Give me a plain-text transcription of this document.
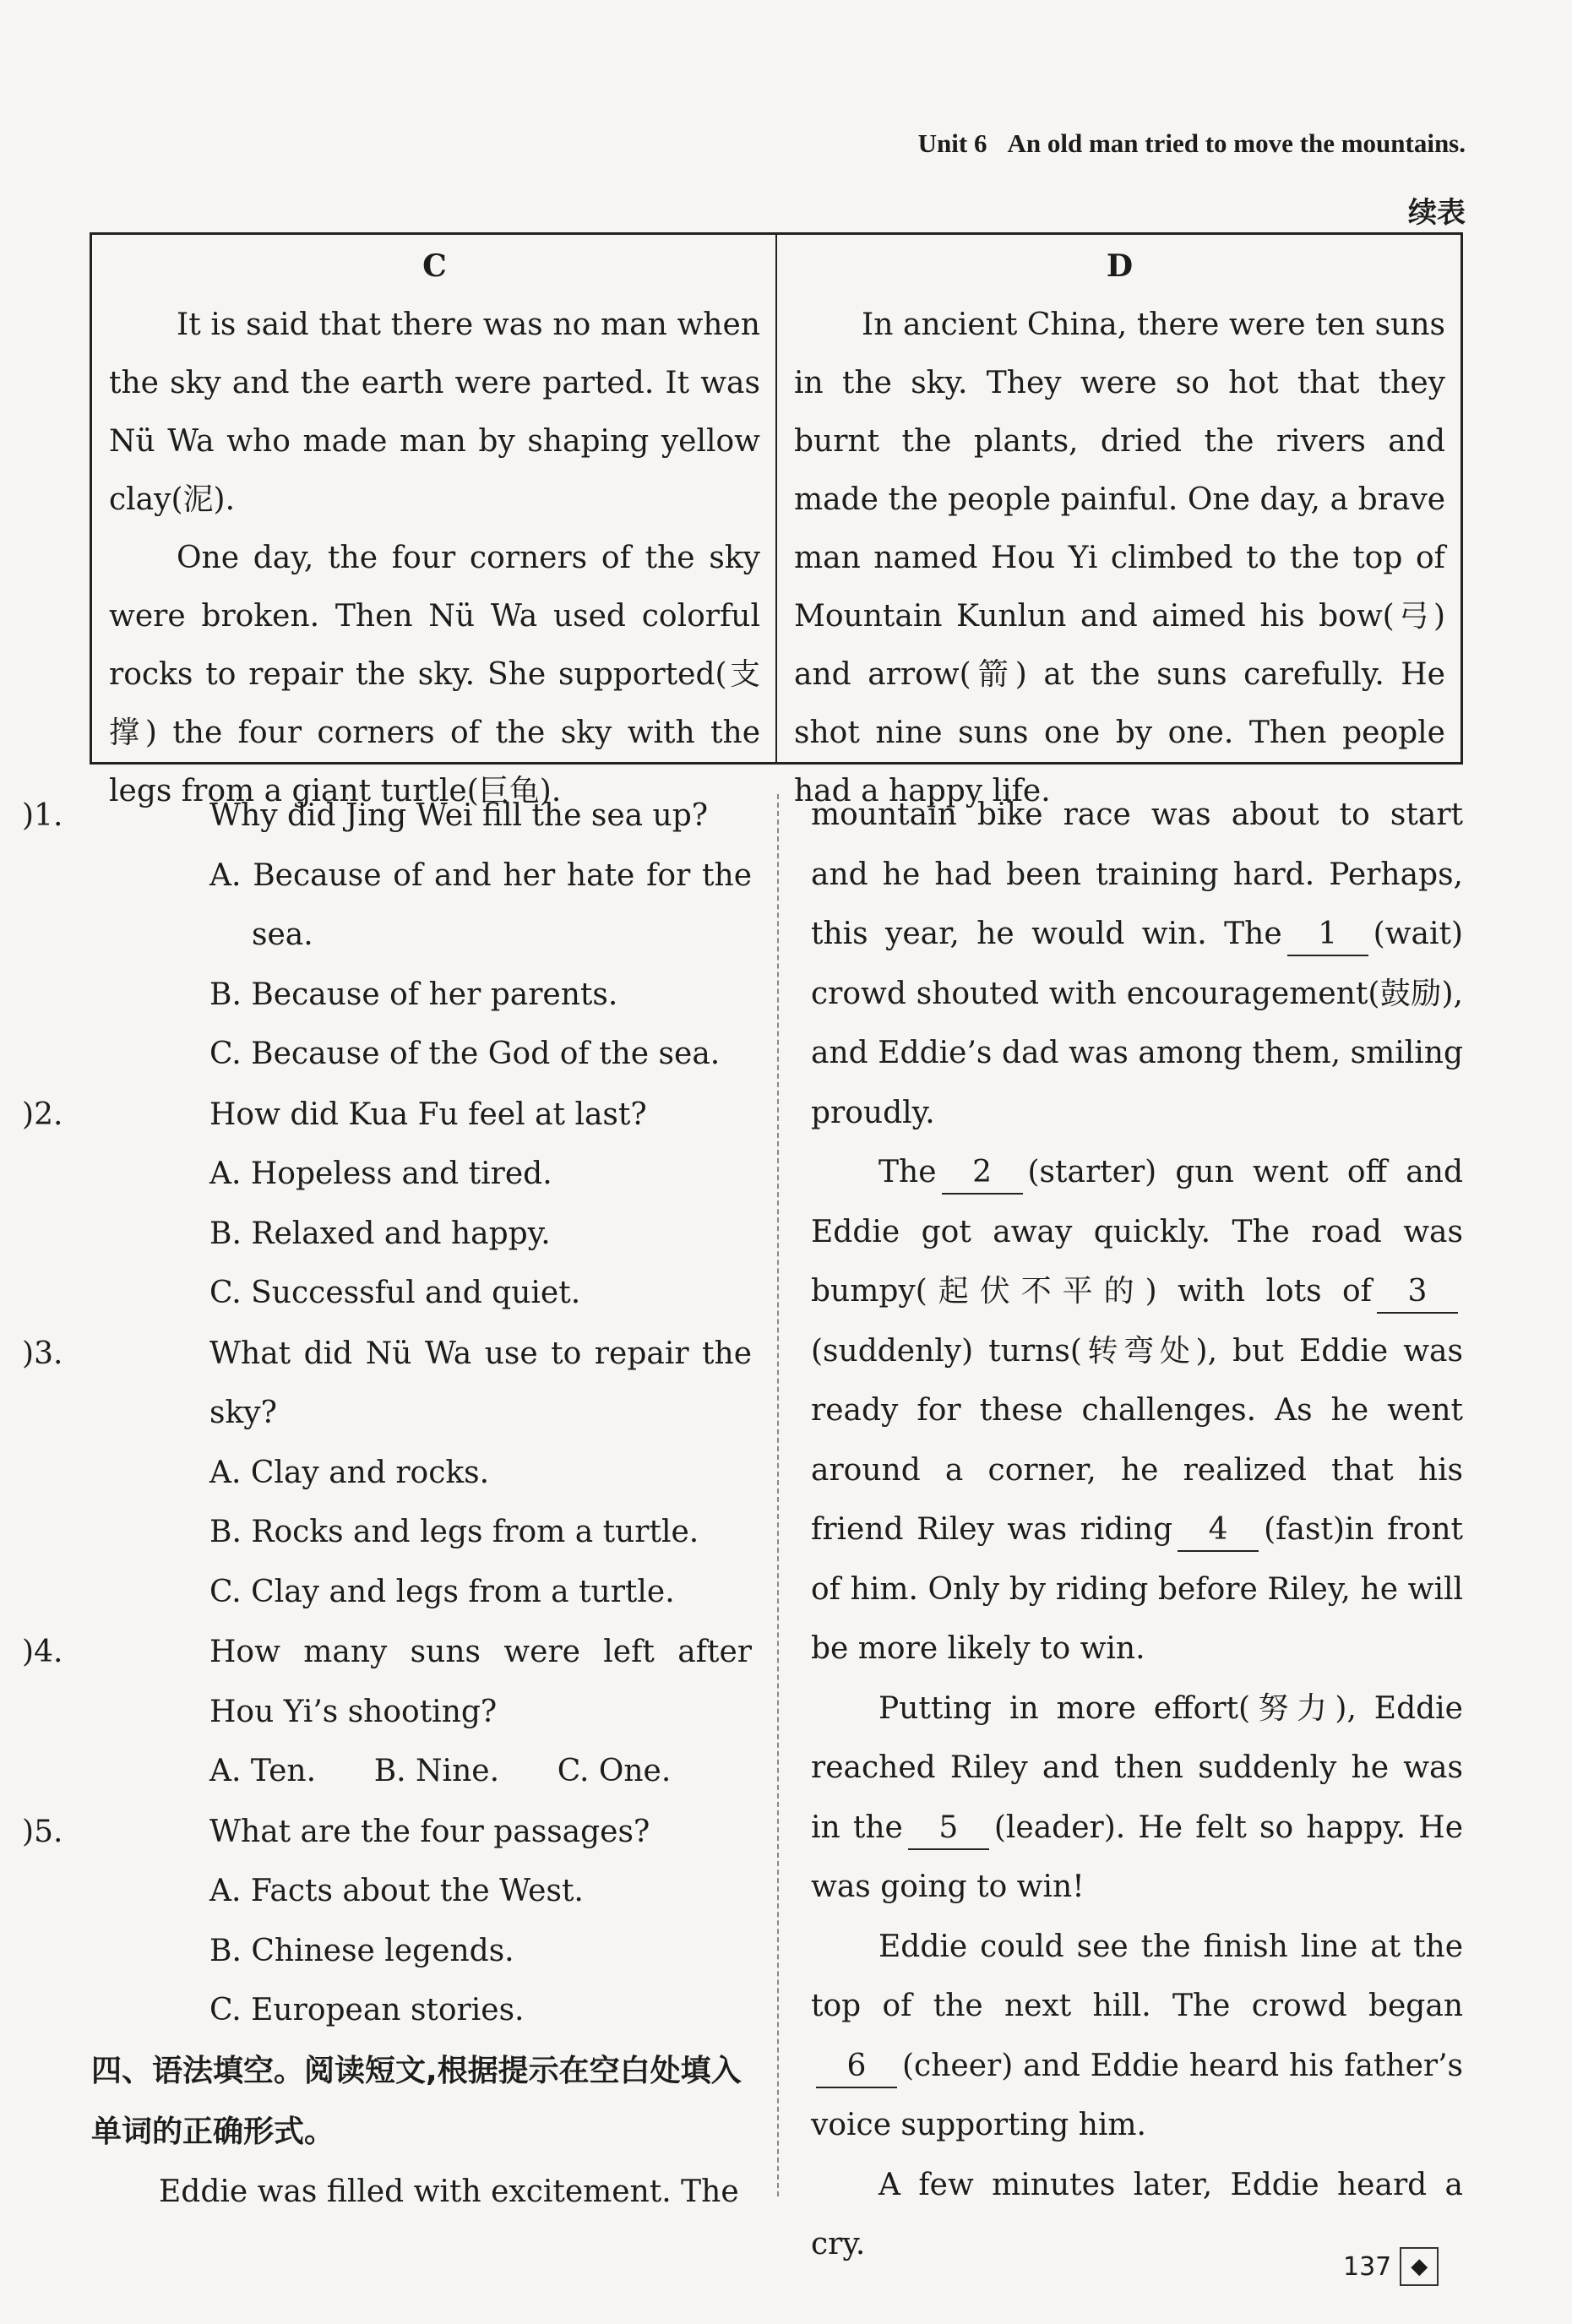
Unit 6 An old man tried to move the mountains.
续表
C

It is said that there was no man when the sky and the earth were parted. It was Nü Wa who made man by shaping yellow clay(泥).

One day, the four corners of the sky were broken. Then Nü Wa used colorful rocks to repair the sky. She supported(支撑) the four corners of the sky with the legs from a giant turtle(巨龟).

D

In ancient China, there were ten suns in the sky. They were so hot that they burnt the plants, dried the rivers and made the people painful. One day, a brave man named Hou Yi climbed to the top of Mountain Kunlun and aimed his bow(弓) and arrow(箭) at the suns carefully. He shot nine suns one by one. Then people had a happy life.

)1.	Why did Jing Wei fill the sea up?

A. Because of and her hate for the sea.

B. Because of her parents.

C. Because of the God of the sea.

)2.	How did Kua Fu feel at last?

A. Hopeless and tired.

B. Relaxed and happy.

C. Successful and quiet.

)3.	What did Nü Wa use to repair the sky?

A. Clay and rocks.

B. Rocks and legs from a turtle.

C. Clay and legs from a turtle.

)4.	How many suns were left after Hou Yi’s shooting?

A. Ten. B. Nine. C. One.

)5.	What are the four passages?

A. Facts about the West.

B. Chinese legends.

C. European stories.

四、语法填空。阅读短文,根据提示在空白处填入单词的正确形式。

Eddie was filled with excitement. The

mountain bike race was about to start and he had been training hard. Perhaps, this year, he would win. The 1 (wait) crowd shouted with encouragement(鼓励), and Eddie’s dad was among them, smiling proudly.

The 2 (starter) gun went off and Eddie got away quickly. The road was bumpy(起伏不平的) with lots of 3(suddenly) turns(转弯处), but Eddie was ready for these challenges. As he went around a corner, he realized that his friend Riley was riding 4 (fast)in front of him. Only by riding before Riley, he will be more likely to win.

Putting in more effort(努力), Eddie reached Riley and then suddenly he was in the 5 (leader). He felt so happy. He was going to win!

Eddie could see the finish line at the top of the next hill. The crowd began6 (cheer) and Eddie heard his father’s voice supporting him.

A few minutes later, Eddie heard a cry.

137 ◆
